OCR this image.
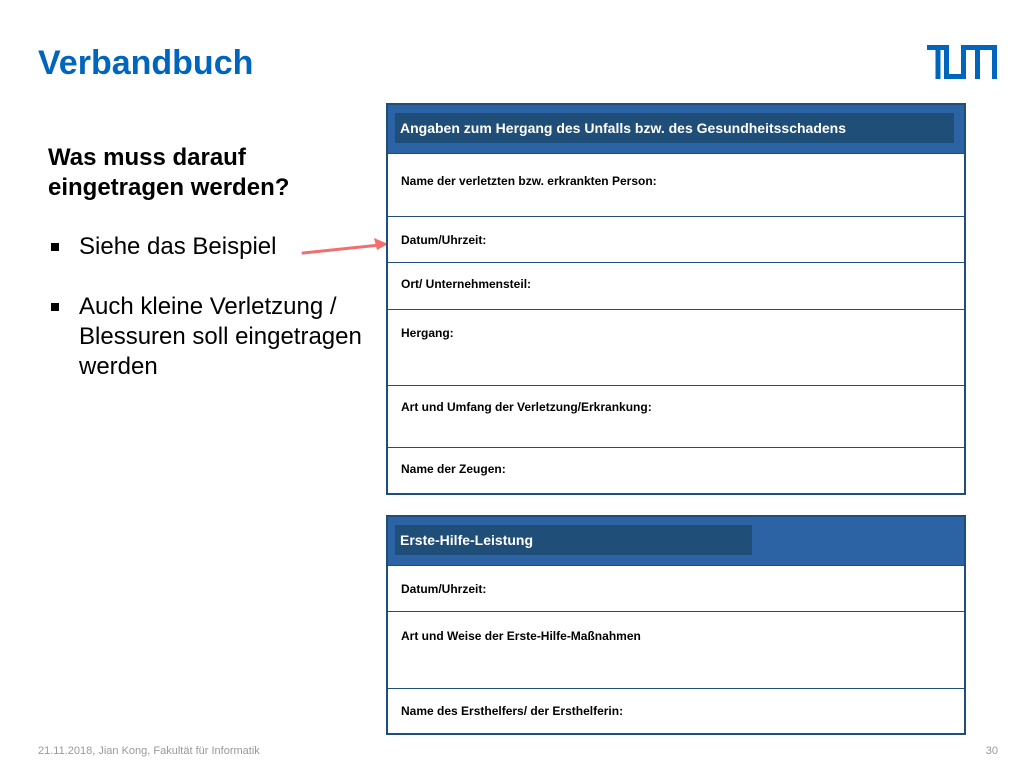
Verbandbuch
Was muss darauf eingetragen werden?
Siehe das Beispiel
Auch kleine Verletzung / Blessuren soll eingetragen werden
Angaben zum Hergang des Unfalls bzw. des Gesundheitsschadens
Name der verletzten bzw. erkrankten Person:
Datum/Uhrzeit:
Ort/ Unternehmensteil:
Hergang:
Art und Umfang der Verletzung/Erkrankung:
Name der Zeugen:
Erste-Hilfe-Leistung
Datum/Uhrzeit:
Art und Weise der Erste-Hilfe-Maßnahmen
Name des Ersthelfers/ der Ersthelferin:
21.11.2018, Jian Kong, Fakultät für Informatik	30
